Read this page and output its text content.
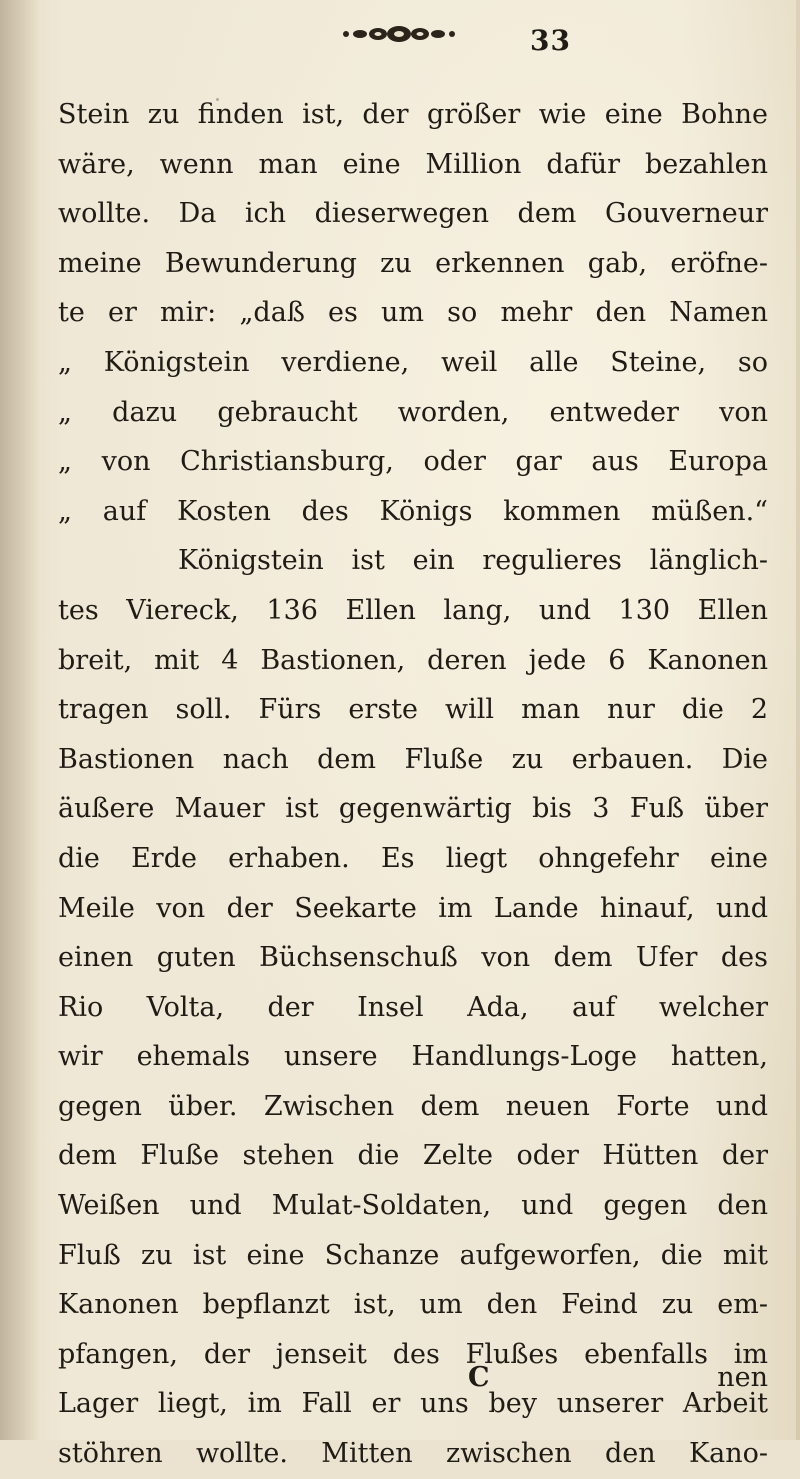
33
Stein zu finden ist, der größer wie eine Bohne
wäre, wenn man eine Million dafür bezahlen
wollte. Da ich dieserwegen dem Gouverneur
meine Bewunderung zu erkennen gab, eröfne-
te er mir: „daß es um so mehr den Namen
„ Königstein verdiene, weil alle Steine, so
„ dazu gebraucht worden, entweder von
„ von Christiansburg, oder gar aus Europa
„ auf Kosten des Königs kommen müßen.“
Königstein ist ein regulieres länglich-
tes Viereck, 136 Ellen lang, und 130 Ellen
breit, mit 4 Bastionen, deren jede 6 Kanonen
tragen soll. Fürs erste will man nur die 2
Bastionen nach dem Fluße zu erbauen. Die
äußere Mauer ist gegenwärtig bis 3 Fuß über
die Erde erhaben. Es liegt ohngefehr eine
Meile von der Seekarte im Lande hinauf, und
einen guten Büchsenschuß von dem Ufer des
Rio Volta, der Insel Ada, auf welcher
wir ehemals unsere Handlungs-Loge hatten,
gegen über. Zwischen dem neuen Forte und
dem Fluße stehen die Zelte oder Hütten der
Weißen und Mulat-Soldaten, und gegen den
Fluß zu ist eine Schanze aufgeworfen, die mit
Kanonen bepflanzt ist, um den Feind zu em-
pfangen, der jenseit des Flußes ebenfalls im
Lager liegt, im Fall er uns bey unserer Arbeit
stöhren wollte. Mitten zwischen den Kano-
C	nen
